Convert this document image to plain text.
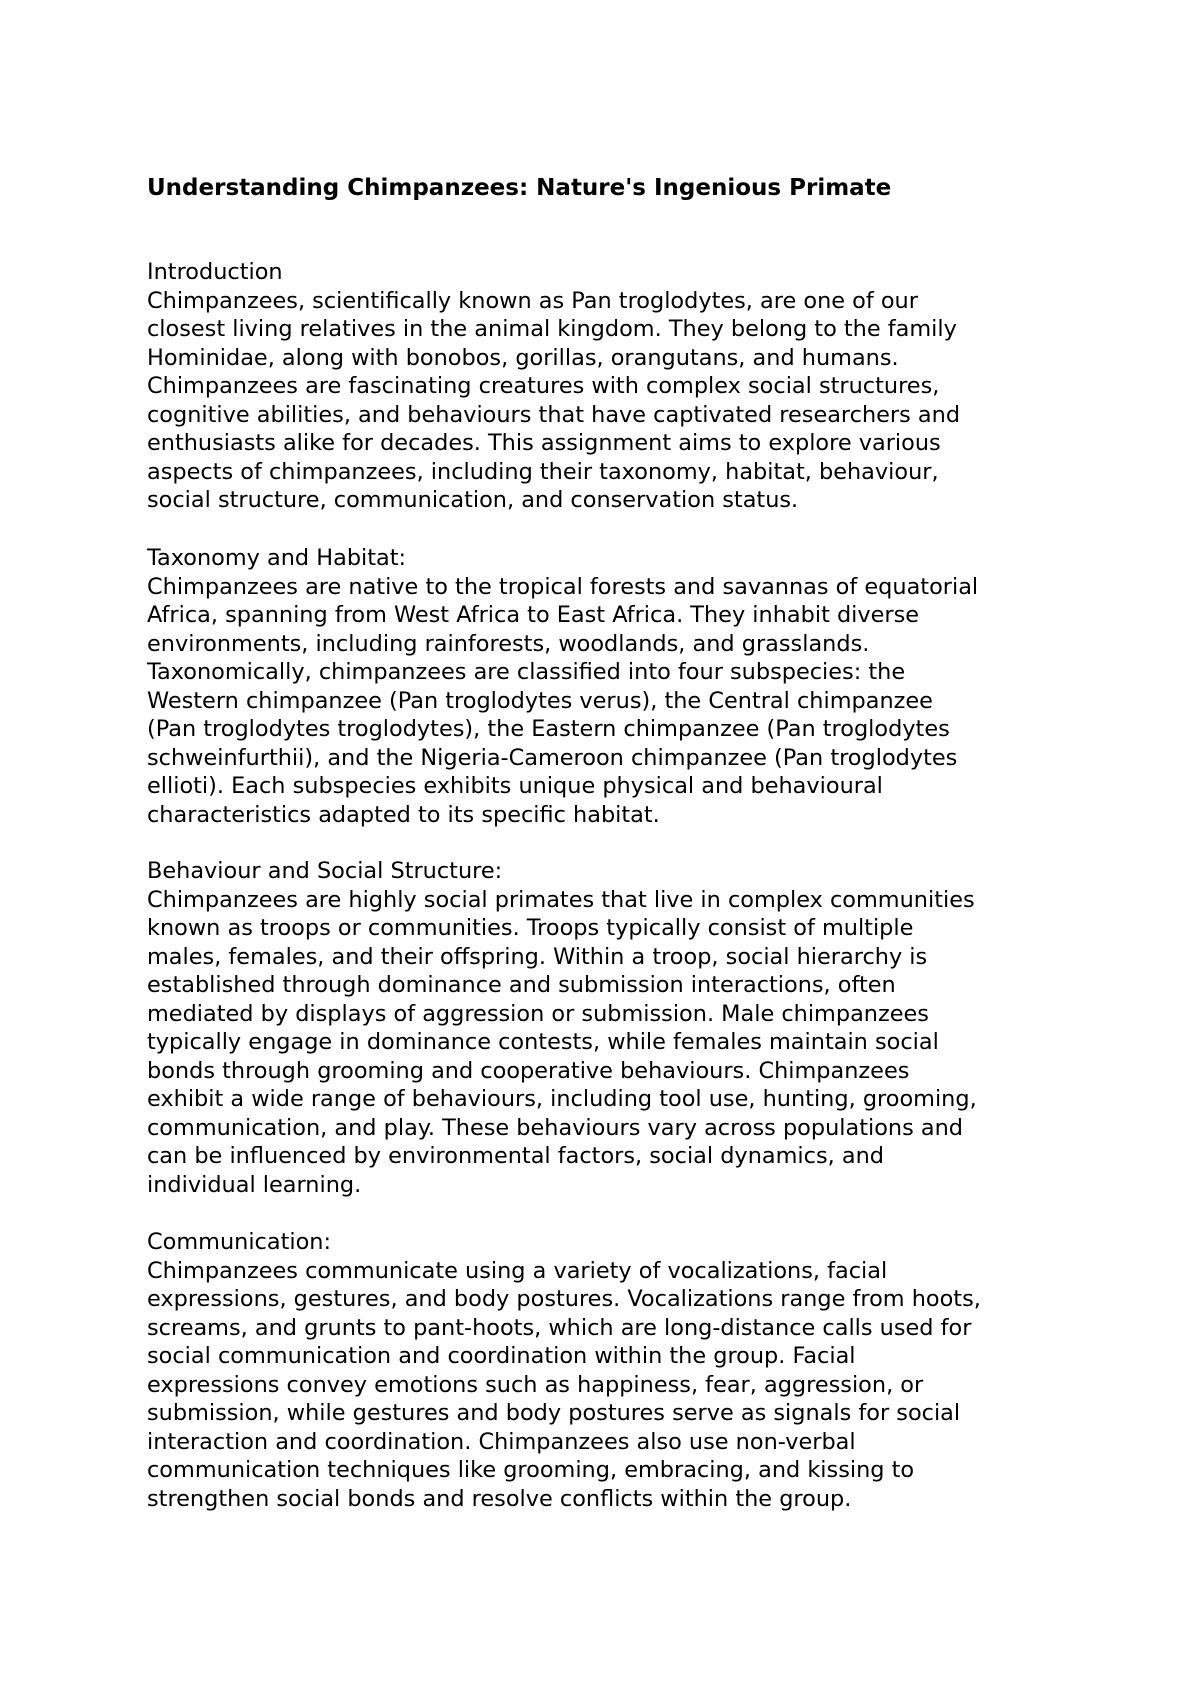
Understanding Chimpanzees: Nature's Ingenious Primate

Introduction

Chimpanzees, scientifically known as Pan troglodytes, are one of our
closest living relatives in the animal kingdom. They belong to the family
Hominidae, along with bonobos, gorillas, orangutans, and humans.
Chimpanzees are fascinating creatures with complex social structures,
cognitive abilities, and behaviours that have captivated researchers and
enthusiasts alike for decades. This assignment aims to explore various
aspects of chimpanzees, including their taxonomy, habitat, behaviour,
social structure, communication, and conservation status.

Taxonomy and Habitat:

Chimpanzees are native to the tropical forests and savannas of equatorial
Africa, spanning from West Africa to East Africa. They inhabit diverse
environments, including rainforests, woodlands, and grasslands.
Taxonomically, chimpanzees are classified into four subspecies: the
Western chimpanzee (Pan troglodytes verus), the Central chimpanzee
(Pan troglodytes troglodytes), the Eastern chimpanzee (Pan troglodytes
schweinfurthii), and the Nigeria-Cameroon chimpanzee (Pan troglodytes
ellioti). Each subspecies exhibits unique physical and behavioural
characteristics adapted to its specific habitat.

Behaviour and Social Structure:

Chimpanzees are highly social primates that live in complex communities
known as troops or communities. Troops typically consist of multiple
males, females, and their offspring. Within a troop, social hierarchy is
established through dominance and submission interactions, often
mediated by displays of aggression or submission. Male chimpanzees
typically engage in dominance contests, while females maintain social
bonds through grooming and cooperative behaviours. Chimpanzees
exhibit a wide range of behaviours, including tool use, hunting, grooming,
communication, and play. These behaviours vary across populations and
can be influenced by environmental factors, social dynamics, and
individual learning.

Communication:

Chimpanzees communicate using a variety of vocalizations, facial
expressions, gestures, and body postures. Vocalizations range from hoots,
screams, and grunts to pant-hoots, which are long-distance calls used for
social communication and coordination within the group. Facial
expressions convey emotions such as happiness, fear, aggression, or
submission, while gestures and body postures serve as signals for social
interaction and coordination. Chimpanzees also use non-verbal
communication techniques like grooming, embracing, and kissing to
strengthen social bonds and resolve conflicts within the group.
